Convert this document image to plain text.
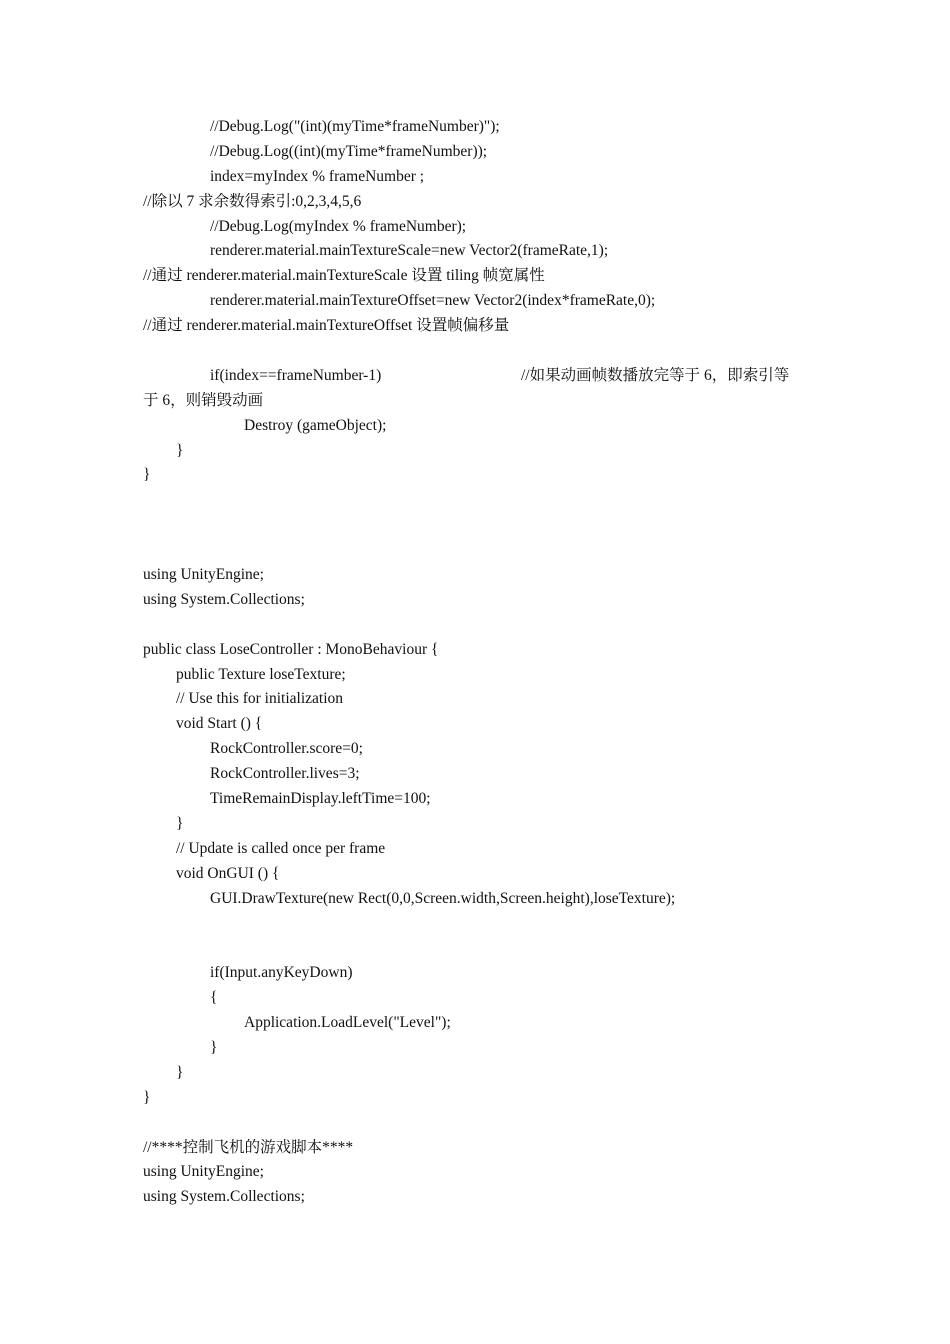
//Debug.Log("(int)(myTime*frameNumber)");
//Debug.Log((int)(myTime*frameNumber));
index=myIndex % frameNumber ;
//除以 7 求余数得索引:0,2,3,4,5,6
//Debug.Log(myIndex % frameNumber);
renderer.material.mainTextureScale=new Vector2(frameRate,1);
//通过 renderer.material.mainTextureScale 设置 tiling 帧宽属性
renderer.material.mainTextureOffset=new Vector2(index*frameRate,0);
//通过 renderer.material.mainTextureOffset 设置帧偏移量
if(index==frameNumber-1)	//如果动画帧数播放完等于 6，即索引等
于 6，则销毁动画
Destroy (gameObject);
}
}
using UnityEngine;
using System.Collections;
public class LoseController : MonoBehaviour {
public Texture loseTexture;
// Use this for initialization
void Start () {
RockController.score=0;
RockController.lives=3;
TimeRemainDisplay.leftTime=100;
}
// Update is called once per frame
void OnGUI () {
GUI.DrawTexture(new Rect(0,0,Screen.width,Screen.height),loseTexture);
if(Input.anyKeyDown)
{
Application.LoadLevel("Level");
}
}
}
//****控制飞机的游戏脚本****
using UnityEngine;
using System.Collections;
